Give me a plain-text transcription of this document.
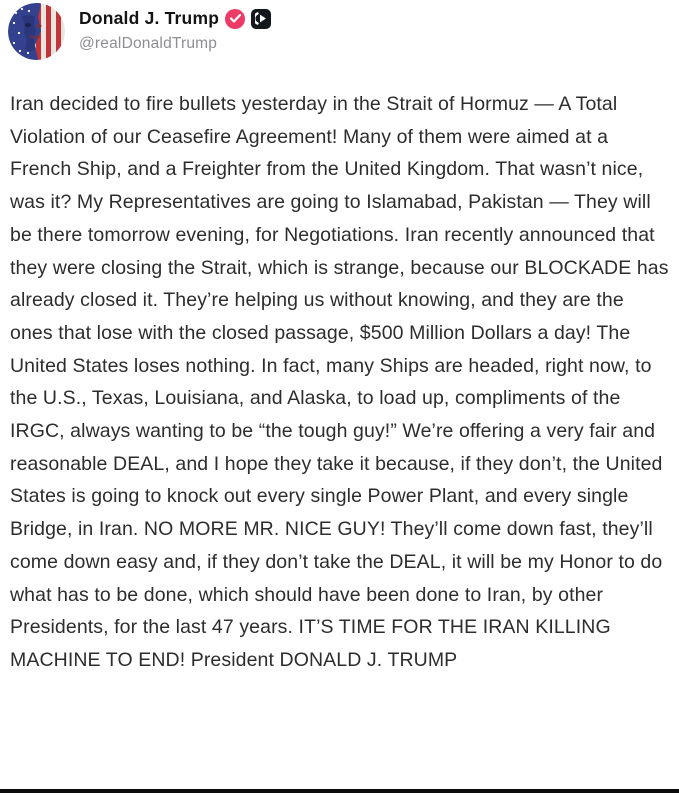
Donald J. Trump
@realDonaldTrump
Iran decided to fire bullets yesterday in the Strait of Hormuz — A Total Violation of our Ceasefire Agreement! Many of them were aimed at a French Ship, and a Freighter from the United Kingdom. That wasn’t nice, was it? My Representatives are going to Islamabad, Pakistan — They will be there tomorrow evening, for Negotiations. Iran recently announced that they were closing the Strait, which is strange, because our BLOCKADE has already closed it. They’re helping us without knowing, and they are the ones that lose with the closed passage, $500 Million Dollars a day! The United States loses nothing. In fact, many Ships are headed, right now, to the U.S., Texas, Louisiana, and Alaska, to load up, compliments of the IRGC, always wanting to be “the tough guy!” We’re offering a very fair and reasonable DEAL, and I hope they take it because, if they don’t, the United States is going to knock out every single Power Plant, and every single Bridge, in Iran. NO MORE MR. NICE GUY! They’ll come down fast, they’ll come down easy and, if they don’t take the DEAL, it will be my Honor to do what has to be done, which should have been done to Iran, by other Presidents, for the last 47 years. IT’S TIME FOR THE IRAN KILLING MACHINE TO END! President DONALD J. TRUMP
